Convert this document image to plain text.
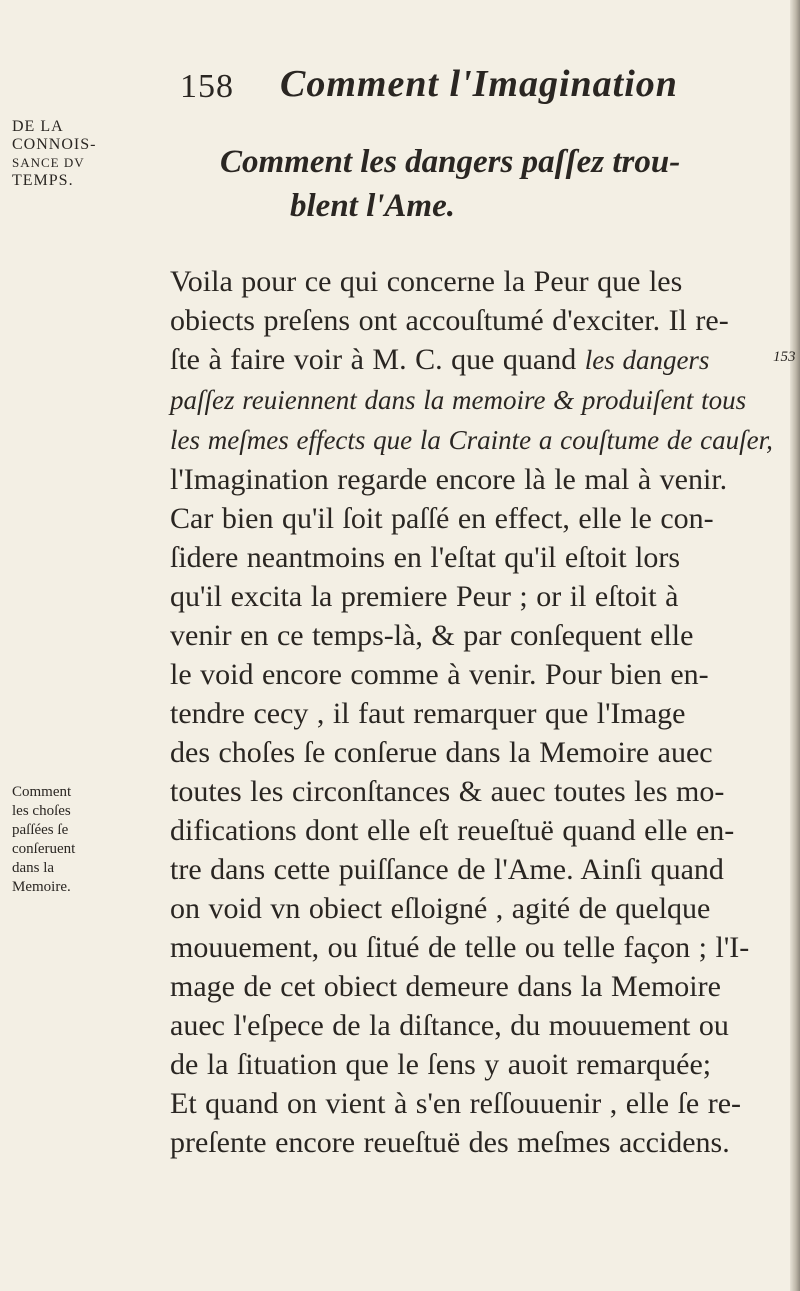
158 Comment l'Imagination
DE LA
CONNOIS-
SANCE DV
TEMPS.
Comment les dangers paſſez trou-
blent l'Ame.
153
Voila pour ce qui concerne la Peur que les
obiects preſens ont accouſtumé d'exciter. Il re-
ſte à faire voir à M. C. que quand les dangers
paſſez reuiennent dans la memoire & produiſent tous
les meſmes effects que la Crainte a couſtume de cauſer,
l'Imagination regarde encore là le mal à venir.
Car bien qu'il ſoit paſſé en effect, elle le con-
ſidere neantmoins en l'eſtat qu'il eſtoit lors
qu'il excita la premiere Peur ; or il eſtoit à
venir en ce temps-là, & par conſequent elle
le void encore comme à venir. Pour bien en-
tendre cecy , il faut remarquer que l'Image
des choſes ſe conſerue dans la Memoire auec
toutes les circonſtances & auec toutes les mo-
difications dont elle eſt reueſtuë quand elle en-
tre dans cette puiſſance de l'Ame. Ainſi quand
on void vn obiect eſloigné , agité de quelque
mouuement, ou ſitué de telle ou telle façon ; l'I-
mage de cet obiect demeure dans la Memoire
auec l'eſpece de la diſtance, du mouuement ou
de la ſituation que le ſens y auoit remarquée;
Et quand on vient à s'en reſſouuenir , elle ſe re-
preſente encore reueſtuë des meſmes accidens.
Comment
les choſes
paſſées ſe
conſeruent
dans la
Memoire.
